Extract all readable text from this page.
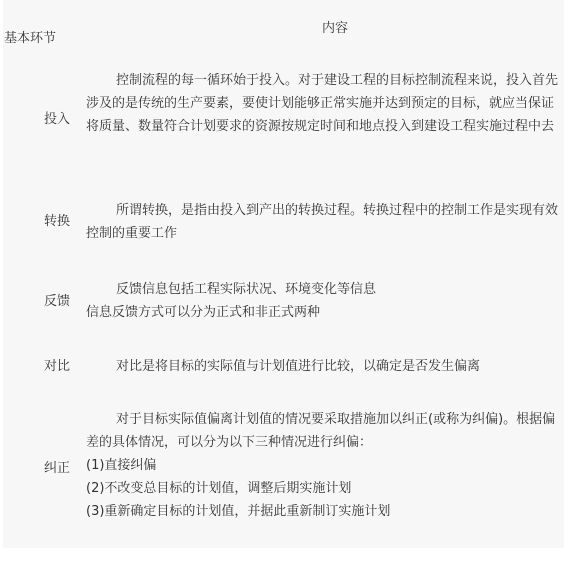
基本环节
内容
投入

控制流程的每一循环始于投入。对于建设工程的目标控制流程来说，投入首先涉及的是传统的生产要素，要使计划能够正常实施并达到预定的目标，就应当保证将质量、数量符合计划要求的资源按规定时间和地点投入到建设工程实施过程中去

转换

所谓转换，是指由投入到产出的转换过程。转换过程中的控制工作是实现有效控制的重要工作

反馈

反馈信息包括工程实际状况、环境变化等信息

信息反馈方式可以分为正式和非正式两种

对比	对比是将目标的实际值与计划值进行比较，以确定是否发生偏离

纠正

对于目标实际值偏离计划值的情况要采取措施加以纠正(或称为纠偏)。根据偏差的具体情况，可以分为以下三种情况进行纠偏：

(1)直接纠偏

(2)不改变总目标的计划值，调整后期实施计划

(3)重新确定目标的计划值，并据此重新制订实施计划
